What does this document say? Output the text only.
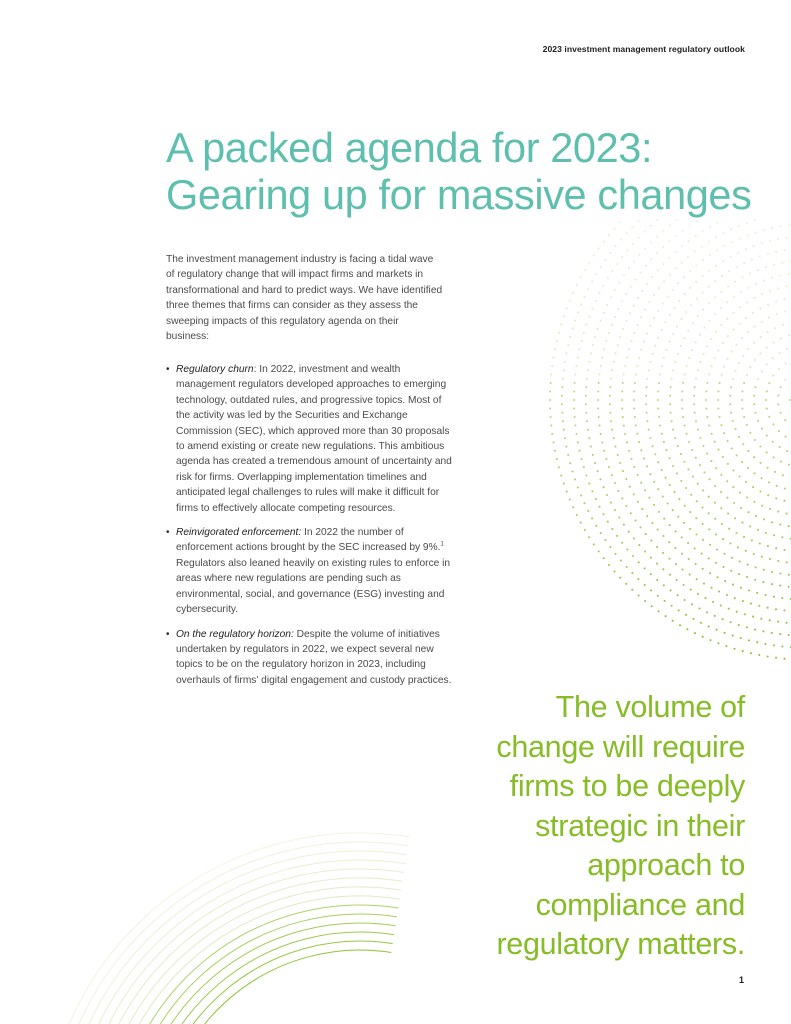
2023 investment management regulatory outlook
A packed agenda for 2023:
Gearing up for massive changes

The investment management industry is facing a tidal wave of regulatory change that will impact firms and markets in transformational and hard to predict ways. We have identified three themes that firms can consider as they assess the sweeping impacts of this regulatory agenda on their business:

• Regulatory churn: In 2022, investment and wealth management regulators developed approaches to emerging technology, outdated rules, and progressive topics. Most of the activity was led by the Securities and Exchange Commission (SEC), which approved more than 30 proposals to amend existing or create new regulations. This ambitious agenda has created a tremendous amount of uncertainty and risk for firms. Overlapping implementation timelines and anticipated legal challenges to rules will make it difficult for firms to effectively allocate competing resources.
• Reinvigorated enforcement: In 2022 the number of enforcement actions brought by the SEC increased by 9%.$^1$ Regulators also leaned heavily on existing rules to enforce in areas where new regulations are pending such as environmental, social, and governance (ESG) investing and cybersecurity.
• On the regulatory horizon: Despite the volume of initiatives undertaken by regulators in 2022, we expect several new topics to be on the regulatory horizon in 2023, including overhauls of firms' digital engagement and custody practices.
The volume of
change will require
firms to be deeply
strategic in their
approach to
compliance and
regulatory matters.
1
